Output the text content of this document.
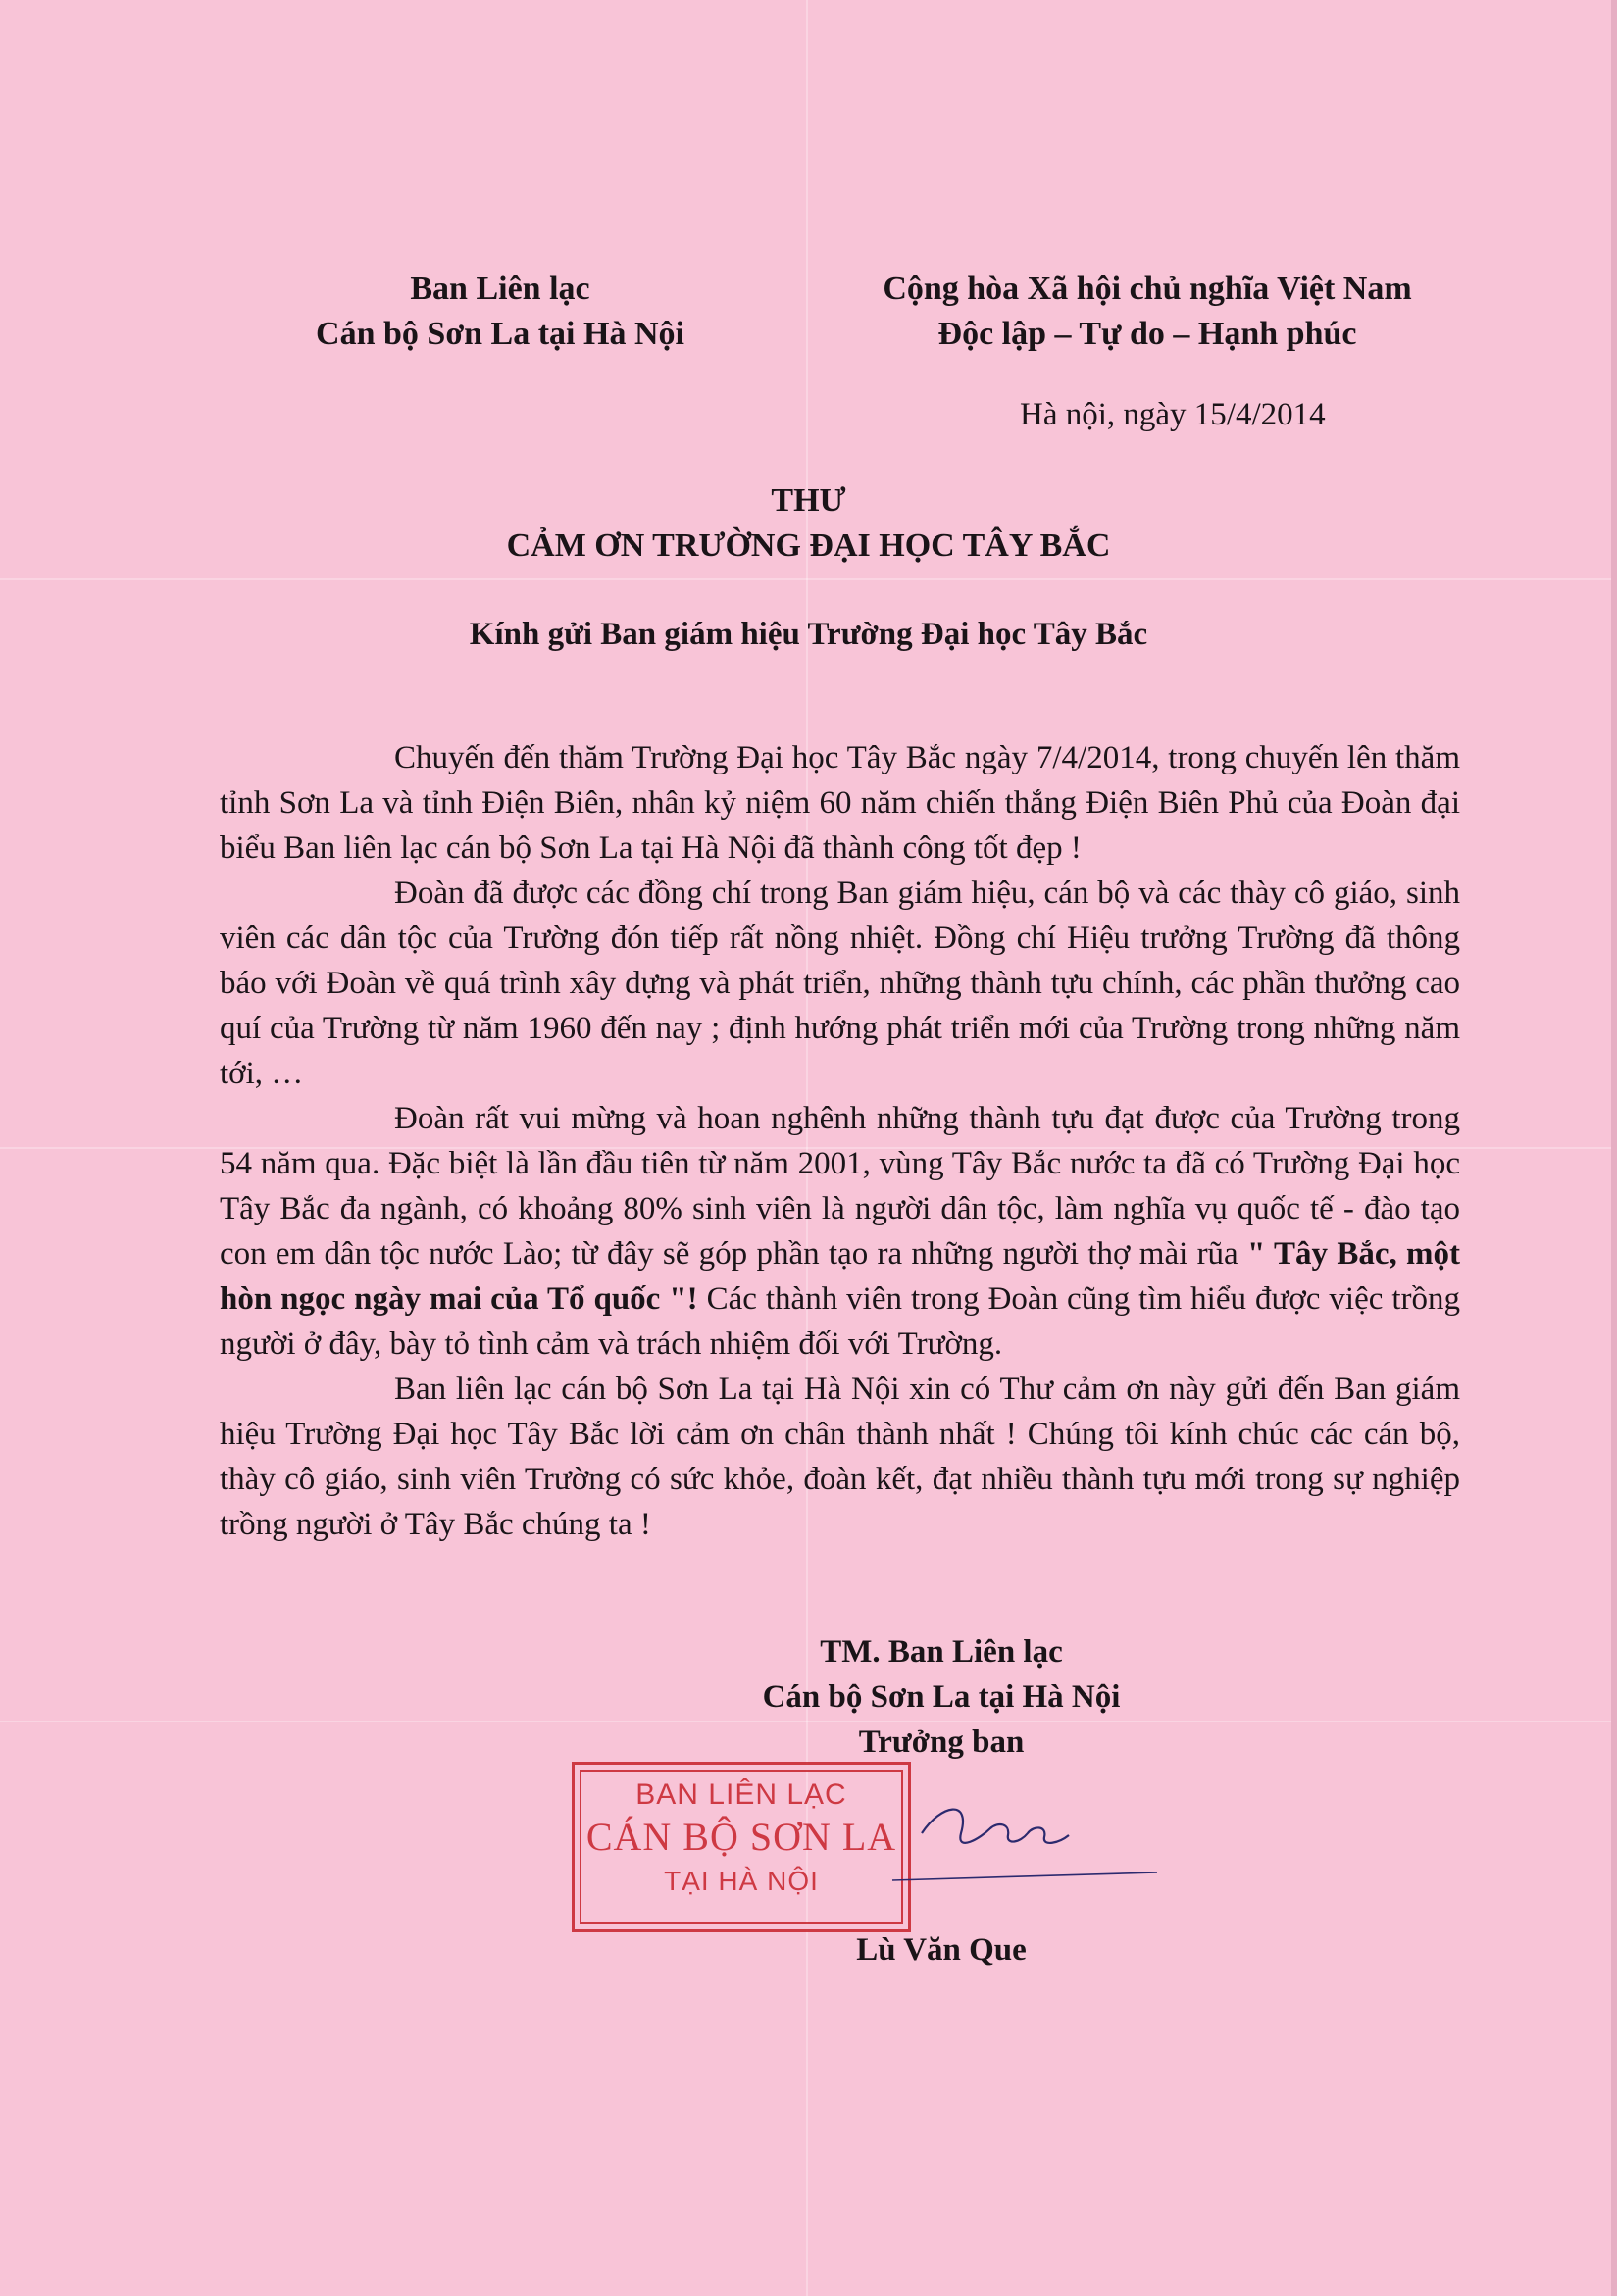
Ban Liên lạc
Cán bộ Sơn La tại Hà Nội
Cộng hòa Xã hội chủ nghĩa Việt Nam
Độc lập – Tự do – Hạnh phúc
Hà nội, ngày 15/4/2014
THƯ
CẢM ƠN TRƯỜNG ĐẠI HỌC TÂY BẮC
Kính gửi Ban giám hiệu Trường Đại học Tây Bắc

Chuyến đến thăm Trường Đại học Tây Bắc ngày 7/4/2014, trong chuyến lên thăm tỉnh Sơn La và tỉnh Điện Biên, nhân kỷ niệm 60 năm chiến thắng Điện Biên Phủ của Đoàn đại biểu Ban liên lạc cán bộ Sơn La tại Hà Nội đã thành công tốt đẹp !

Đoàn đã được các đồng chí trong Ban giám hiệu, cán bộ và các thày cô giáo, sinh viên các dân tộc của Trường đón tiếp rất nồng nhiệt. Đồng chí Hiệu trưởng Trường đã thông báo với Đoàn về quá trình xây dựng và phát triển, những thành tựu chính, các phần thưởng cao quí của Trường từ năm 1960 đến nay ; định hướng phát triển mới của Trường trong những năm tới, …

Đoàn rất vui mừng và hoan nghênh những thành tựu đạt được của Trường trong 54 năm qua. Đặc biệt là lần đầu tiên từ năm 2001, vùng Tây Bắc nước ta đã có Trường Đại học Tây Bắc đa ngành, có khoảng 80% sinh viên là người dân tộc, làm nghĩa vụ quốc tế - đào tạo con em dân tộc nước Lào; từ đây sẽ góp phần tạo ra những người thợ mài rũa " Tây Bắc, một hòn ngọc ngày mai của Tổ quốc "! Các thành viên trong Đoàn cũng tìm hiểu được việc trồng người ở đây, bày tỏ tình cảm và trách nhiệm đối với Trường.

Ban liên lạc cán bộ Sơn La tại Hà Nội xin có Thư cảm ơn này gửi đến Ban giám hiệu Trường Đại học Tây Bắc lời cảm ơn chân thành nhất ! Chúng tôi kính chúc các cán bộ, thày cô giáo, sinh viên Trường có sức khỏe, đoàn kết, đạt nhiều thành tựu mới trong sự nghiệp trồng người ở Tây Bắc chúng ta !

TM. Ban Liên lạc
Cán bộ Sơn La tại Hà Nội
Trưởng ban
BAN LIÊN LẠC
CÁN BỘ SƠN LA
TẠI HÀ NỘI
Lù Văn Que
